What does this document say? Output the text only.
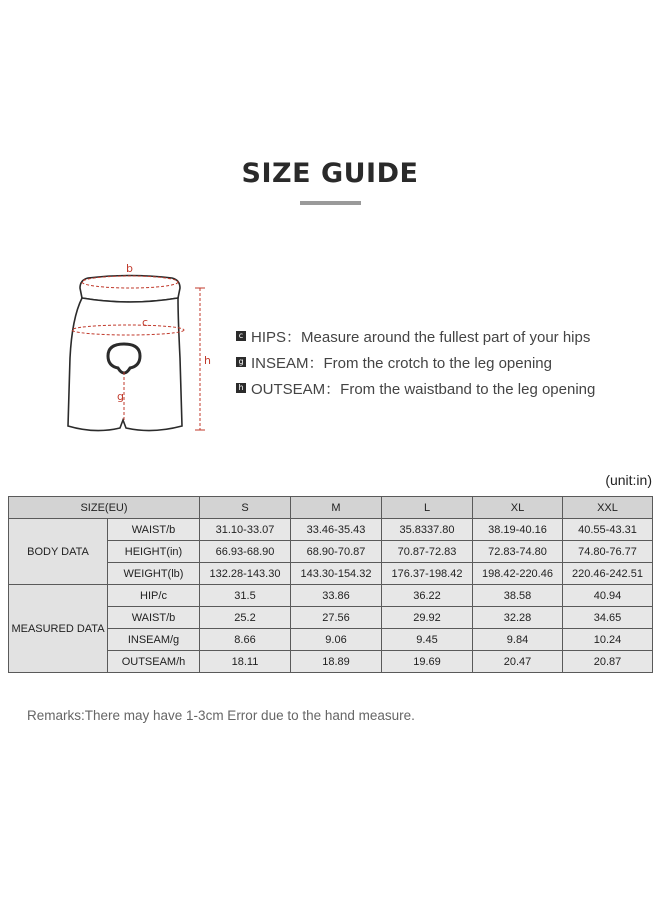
SIZE GUIDE
b
c
g
h
c HIPS：Measure around the fullest part of your hips
g INSEAM：From the crotch to the leg opening
h OUTSEAM：From the waistband to the leg opening
(unit:in)
SIZE(EU)		S	M	L	XL	XXL
BODY DATA	WAIST/b	31.10-33.07	33.46-35.43	35.8337.80	38.19-40.16	40.55-43.31
	HEIGHT(in)	66.93-68.90	68.90-70.87	70.87-72.83	72.83-74.80	74.80-76.77
	WEIGHT(lb)	132.28-143.30	143.30-154.32	176.37-198.42	198.42-220.46	220.46-242.51
MEASURED DATA	HIP/c	31.5	33.86	36.22	38.58	40.94
	WAIST/b	25.2	27.56	29.92	32.28	34.65
	INSEAM/g	8.66	9.06	9.45	9.84	10.24
	OUTSEAM/h	18.11	18.89	19.69	20.47	20.87
Remarks:There may have 1-3cm Error due to the hand measure.
